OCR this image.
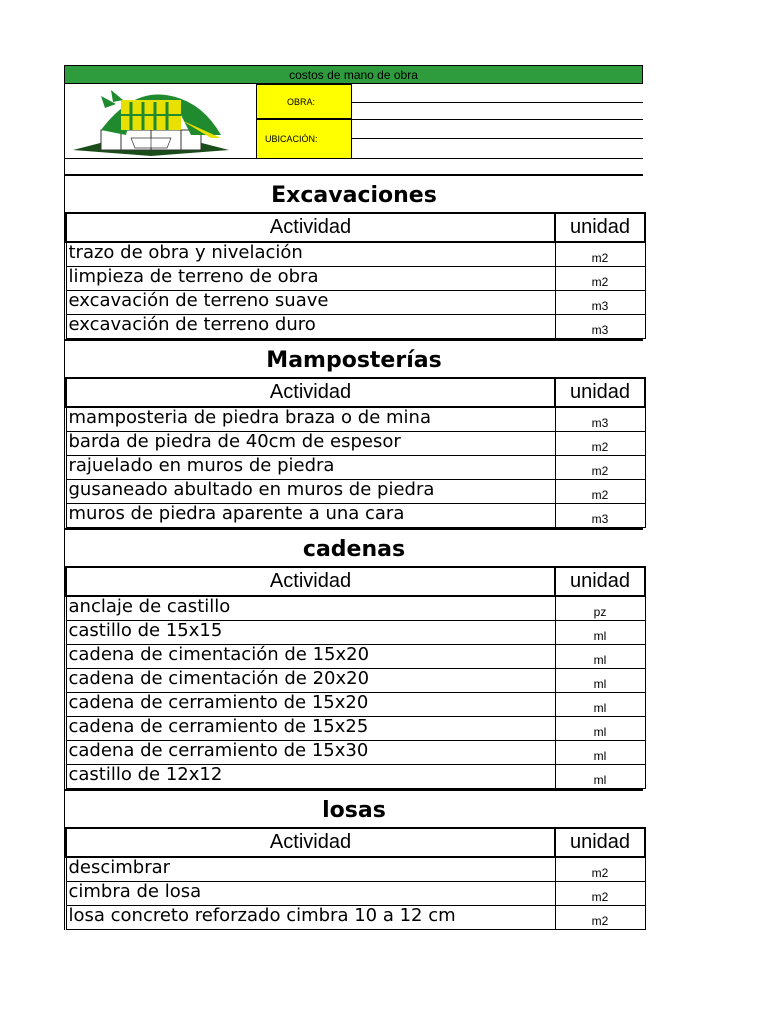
costos de mano de obra
OBRA:
UBICACIÓN:
Excavaciones
Actividad	unidad
trazo de obra y nivelación	m2
limpieza de terreno de obra	m2
excavación de terreno suave	m3
excavación de terreno duro	m3
Mamposterías
Actividad	unidad
mamposteria de piedra braza o de mina	m3
barda de piedra de 40cm de espesor	m2
rajuelado en muros de piedra	m2
gusaneado abultado en muros de piedra	m2
muros de piedra aparente a una cara	m3
cadenas
Actividad	unidad
anclaje de castillo	pz
castillo de 15x15	ml
cadena de cimentación de 15x20	ml
cadena de cimentación de 20x20	ml
cadena de cerramiento de 15x20	ml
cadena de cerramiento de 15x25	ml
cadena de cerramiento de 15x30	ml
castillo de 12x12	ml
losas
Actividad	unidad
descimbrar	m2
cimbra de losa	m2
losa concreto reforzado cimbra 10 a 12 cm	m2
